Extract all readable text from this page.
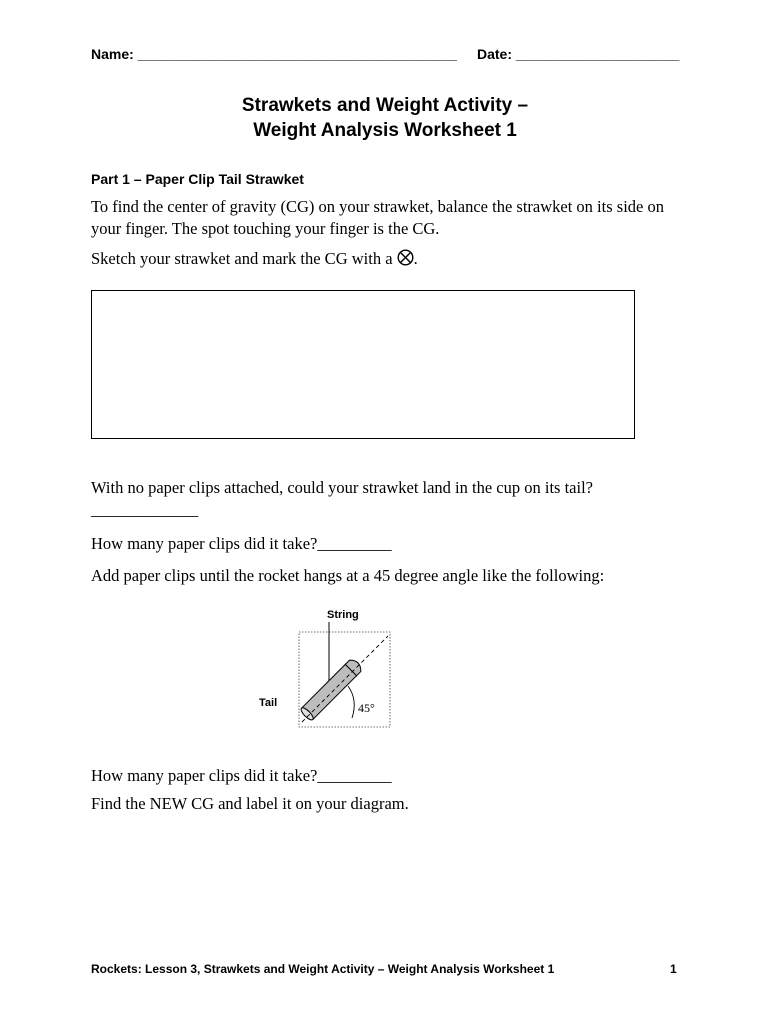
Name: _________________________________________ Date: _____________________
Strawkets and Weight Activity –
Weight Analysis Worksheet 1
Part 1 – Paper Clip Tail Strawket
To find the center of gravity (CG) on your strawket, balance the strawket on its side on your finger. The spot touching your finger is the CG.
Sketch your strawket and mark the CG with a .
With no paper clips attached, could your strawket land in the cup on its tail?_____________
How many paper clips did it take?_________
Add paper clips until the rocket hangs at a 45 degree angle like the following:
String
Tail	45°
How many paper clips did it take?_________
Find the NEW CG and label it on your diagram.
Rockets: Lesson 3, Strawkets and Weight Activity – Weight Analysis Worksheet 1	1
